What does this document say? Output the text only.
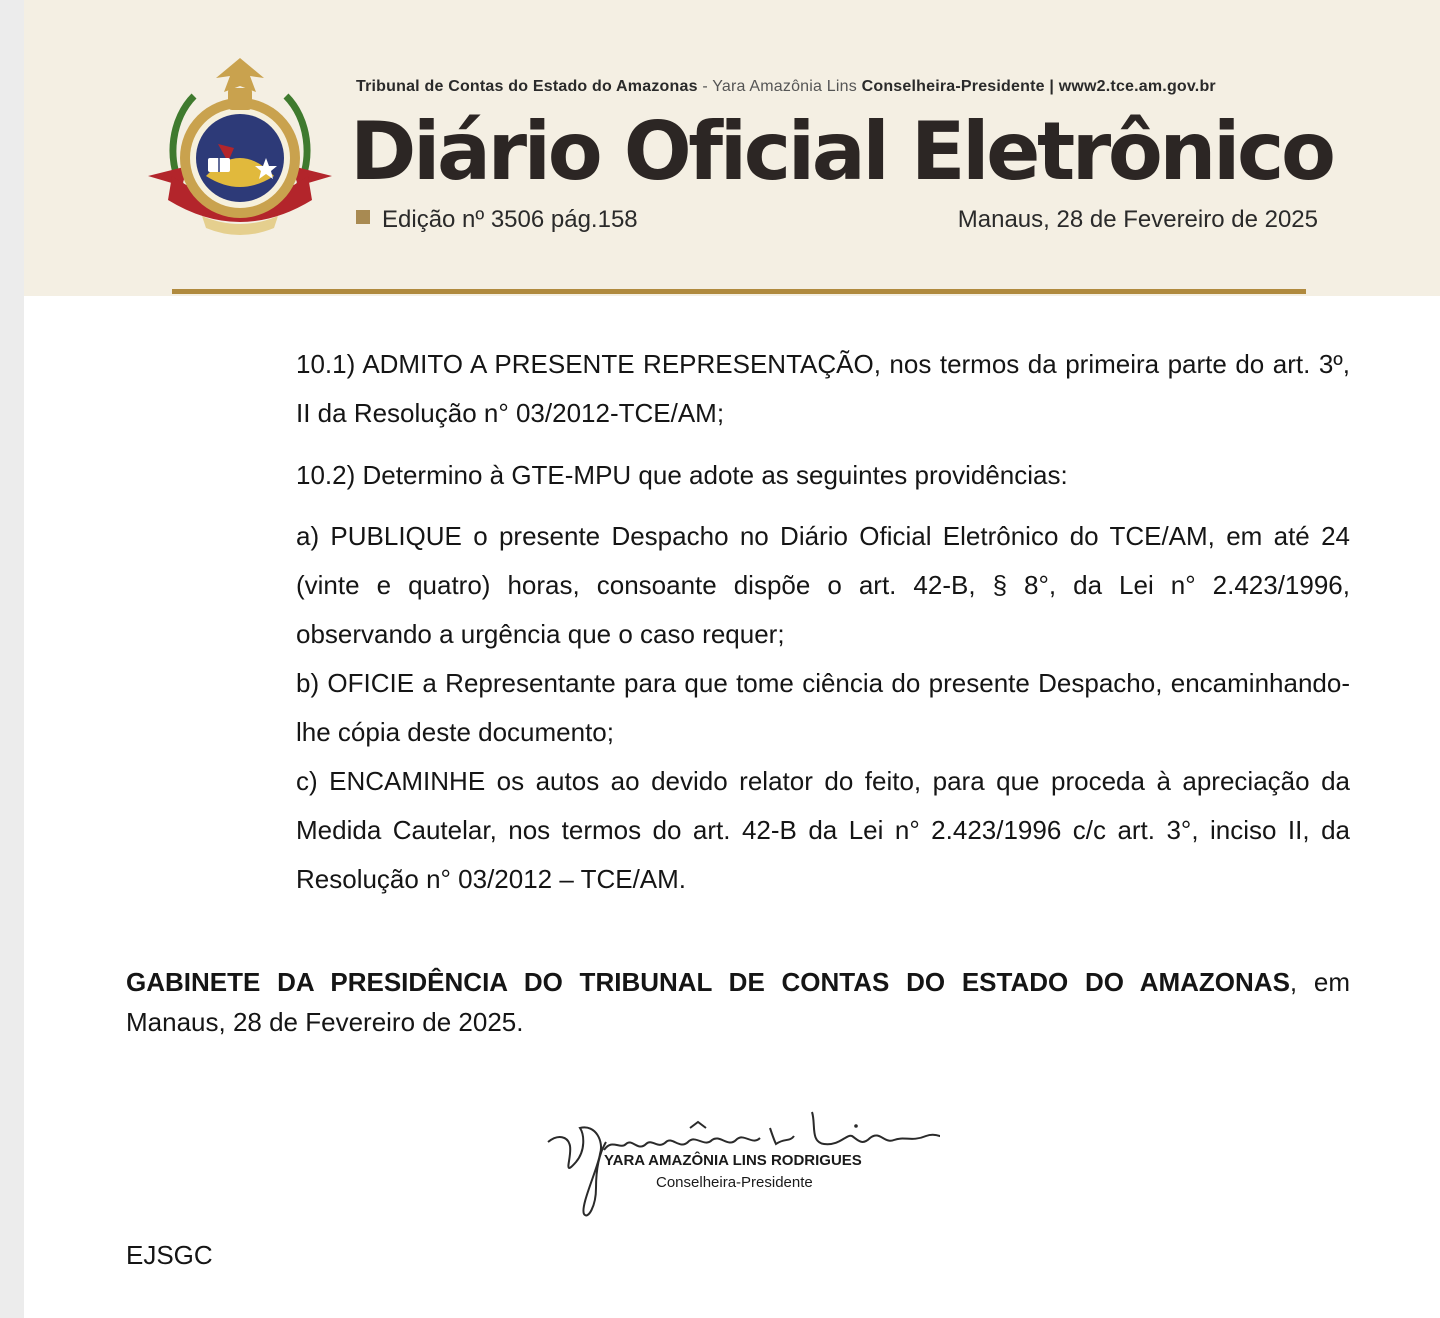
Tribunal de Contas do Estado do Amazonas - Yara Amazônia Lins Conselheira-Presidente | www2.tce.am.gov.br
Diário Oficial Eletrônico
Edição nº 3506 pág.158	Manaus, 28 de Fevereiro de 2025
10.1) ADMITO A PRESENTE REPRESENTAÇÃO, nos termos da primeira parte do art. 3º, II da Resolução n° 03/2012-TCE/AM;
10.2) Determino à GTE-MPU que adote as seguintes providências:
a) PUBLIQUE o presente Despacho no Diário Oficial Eletrônico do TCE/AM, em até 24 (vinte e quatro) horas, consoante dispõe o art. 42-B, § 8°, da Lei n° 2.423/1996, observando a urgência que o caso requer;
b) OFICIE a Representante para que tome ciência do presente Despacho, encaminhando-lhe cópia deste documento;
c) ENCAMINHE os autos ao devido relator do feito, para que proceda à apreciação da Medida Cautelar, nos termos do art. 42-B da Lei n° 2.423/1996 c/c art. 3°, inciso II, da Resolução n° 03/2012 – TCE/AM.
GABINETE DA PRESIDÊNCIA DO TRIBUNAL DE CONTAS DO ESTADO DO AMAZONAS, em Manaus, 28 de Fevereiro de 2025.
YARA AMAZÔNIA LINS RODRIGUES
Conselheira-Presidente
EJSGC
